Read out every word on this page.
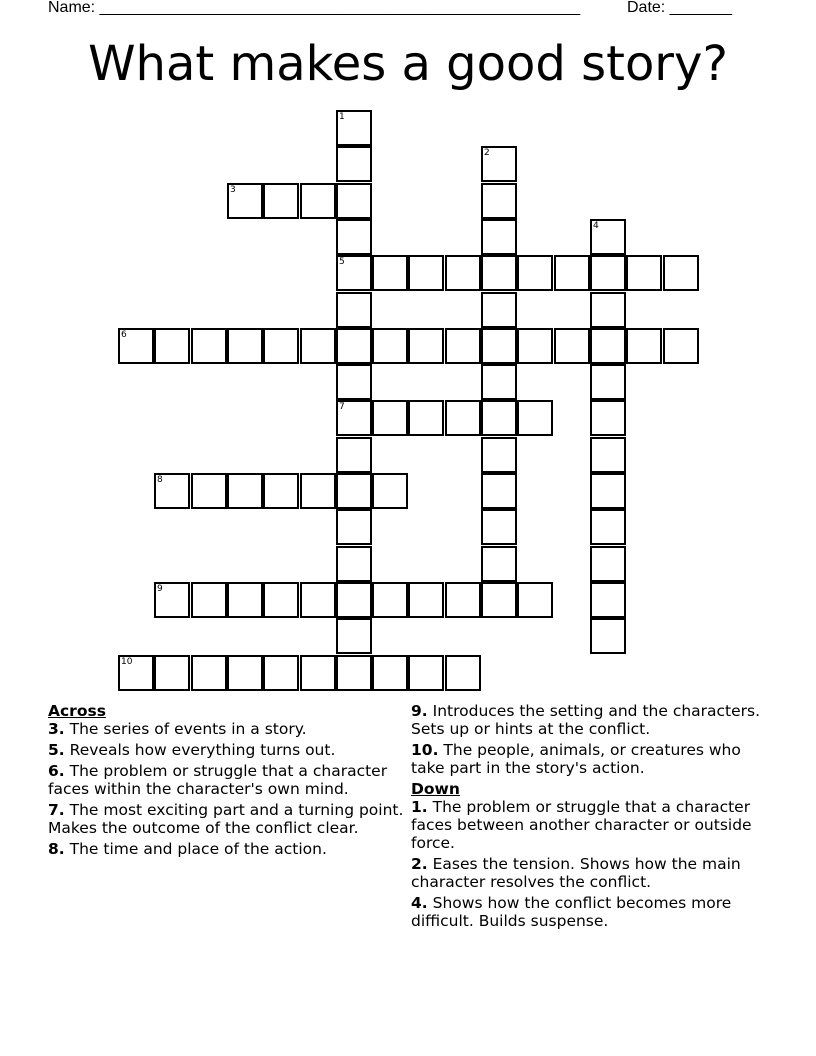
Name: ______________________________________________________	Date: _______
What makes a good story?
1
5
7
2
3
4
6
8
9
10
Across
3. The series of events in a story.
5. Reveals how everything turns out.
6. The problem or struggle that a character faces within the character's own mind.
7. The most exciting part and a turning point. Makes the outcome of the conflict clear.
8. The time and place of the action.
9. Introduces the setting and the characters. Sets up or hints at the conflict.
10. The people, animals, or creatures who take part in the story's action.
Down
1. The problem or struggle that a character faces between another character or outside force.
2. Eases the tension. Shows how the main character resolves the conflict.
4. Shows how the conflict becomes more difficult. Builds suspense.
